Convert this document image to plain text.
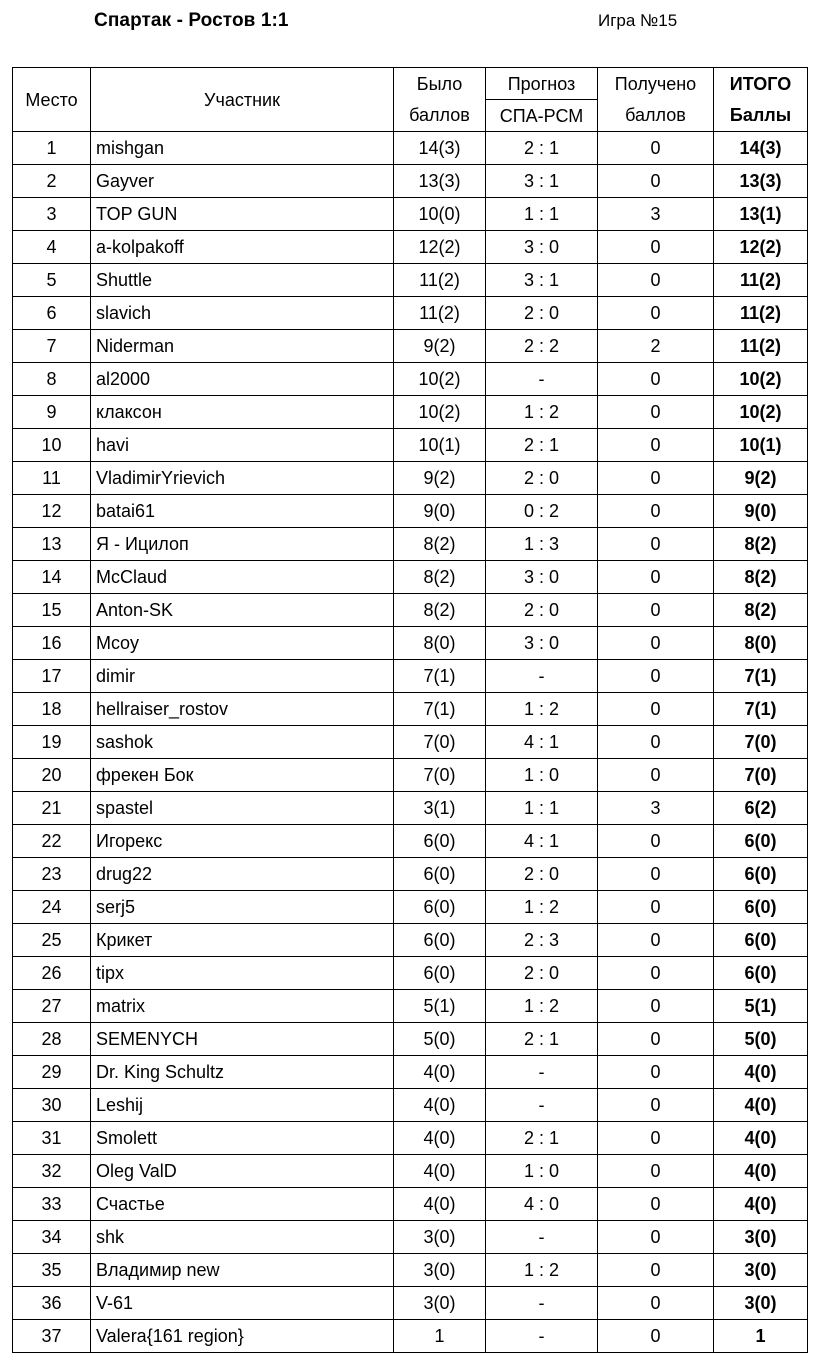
Спартак - Ростов 1:1	Игра №15
Место	Участник	Было	Прогноз	Получено	ИТОГО
		баллов	СПА-РСМ	баллов	Баллы
1	mishgan	14(3)	2 : 1	0	14(3)
2	Gayver	13(3)	3 : 1	0	13(3)
3	TOP GUN	10(0)	1 : 1	3	13(1)
4	a-kolpakoff	12(2)	3 : 0	0	12(2)
5	Shuttle	11(2)	3 : 1	0	11(2)
6	slavich	11(2)	2 : 0	0	11(2)
7	Niderman	9(2)	2 : 2	2	11(2)
8	al2000	10(2)	-	0	10(2)
9	клаксон	10(2)	1 : 2	0	10(2)
10	havi	10(1)	2 : 1	0	10(1)
11	VladimirYrievich	9(2)	2 : 0	0	9(2)
12	batai61	9(0)	0 : 2	0	9(0)
13	Я - Ицилоп	8(2)	1 : 3	0	8(2)
14	McClaud	8(2)	3 : 0	0	8(2)
15	Anton-SK	8(2)	2 : 0	0	8(2)
16	Mcoy	8(0)	3 : 0	0	8(0)
17	dimir	7(1)	-	0	7(1)
18	hellraiser_rostov	7(1)	1 : 2	0	7(1)
19	sashok	7(0)	4 : 1	0	7(0)
20	фрекен Бок	7(0)	1 : 0	0	7(0)
21	spastel	3(1)	1 : 1	3	6(2)
22	Игорекс	6(0)	4 : 1	0	6(0)
23	drug22	6(0)	2 : 0	0	6(0)
24	serj5	6(0)	1 : 2	0	6(0)
25	Крикет	6(0)	2 : 3	0	6(0)
26	tipx	6(0)	2 : 0	0	6(0)
27	matrix	5(1)	1 : 2	0	5(1)
28	SEMENYCH	5(0)	2 : 1	0	5(0)
29	Dr. King Schultz	4(0)	-	0	4(0)
30	Leshij	4(0)	-	0	4(0)
31	Smolett	4(0)	2 : 1	0	4(0)
32	Oleg ValD	4(0)	1 : 0	0	4(0)
33	Счастье	4(0)	4 : 0	0	4(0)
34	shk	3(0)	-	0	3(0)
35	Владимир new	3(0)	1 : 2	0	3(0)
36	V-61	3(0)	-	0	3(0)
37	Valera{161 region}	1	-	0	1
